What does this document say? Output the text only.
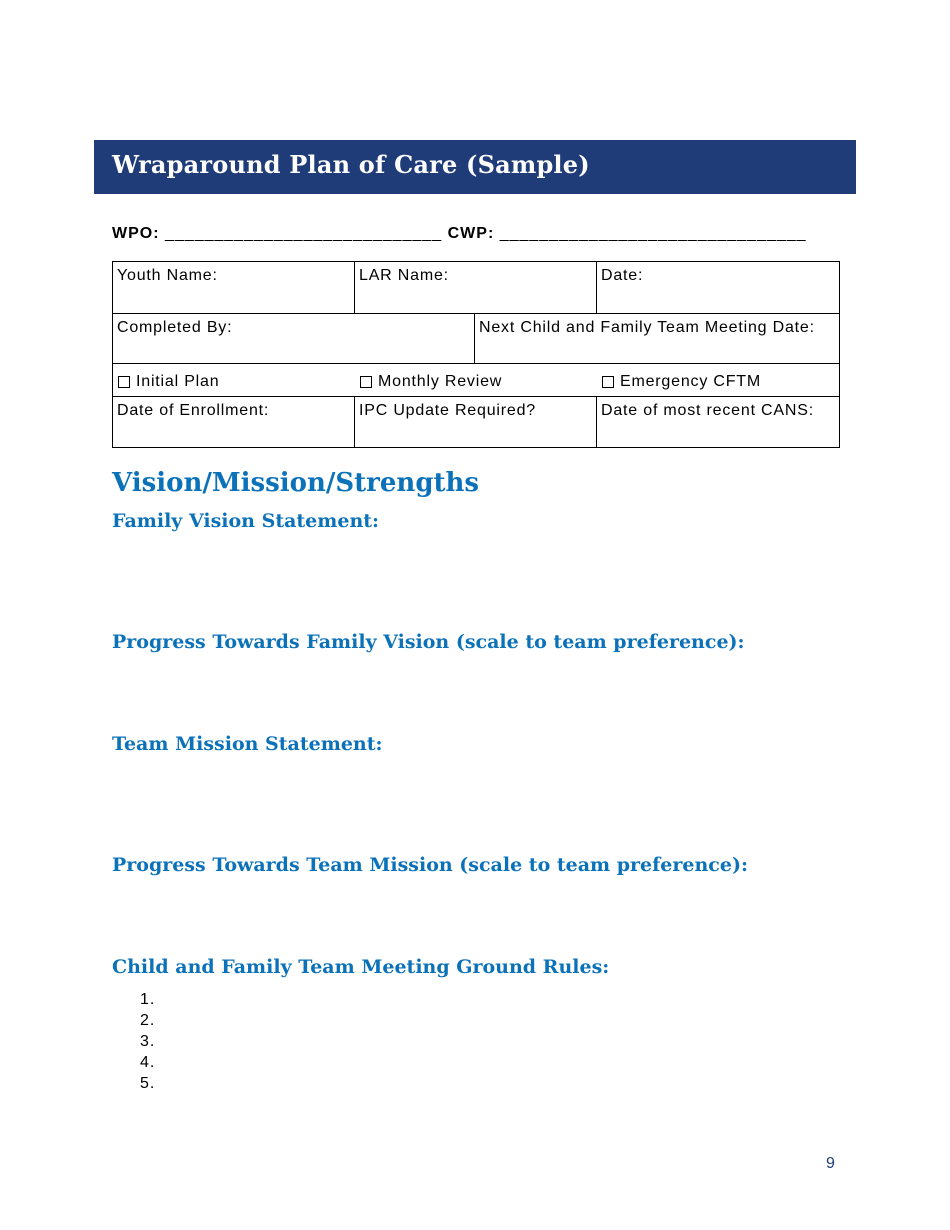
Wraparound Plan of Care (Sample)
WPO: ____________________________ CWP: _______________________________
Youth Name:	LAR Name:	Date:
Completed By:	Next Child and Family Team Meeting Date:
Initial Plan	Monthly Review	Emergency CFTM
Date of Enrollment:	IPC Update Required?	Date of most recent CANS:
Vision/Mission/Strengths
Family Vision Statement:
Progress Towards Family Vision (scale to team preference):
Team Mission Statement:
Progress Towards Team Mission (scale to team preference):
Child and Family Team Meeting Ground Rules:
1.
2.
3.
4.
5.
9
